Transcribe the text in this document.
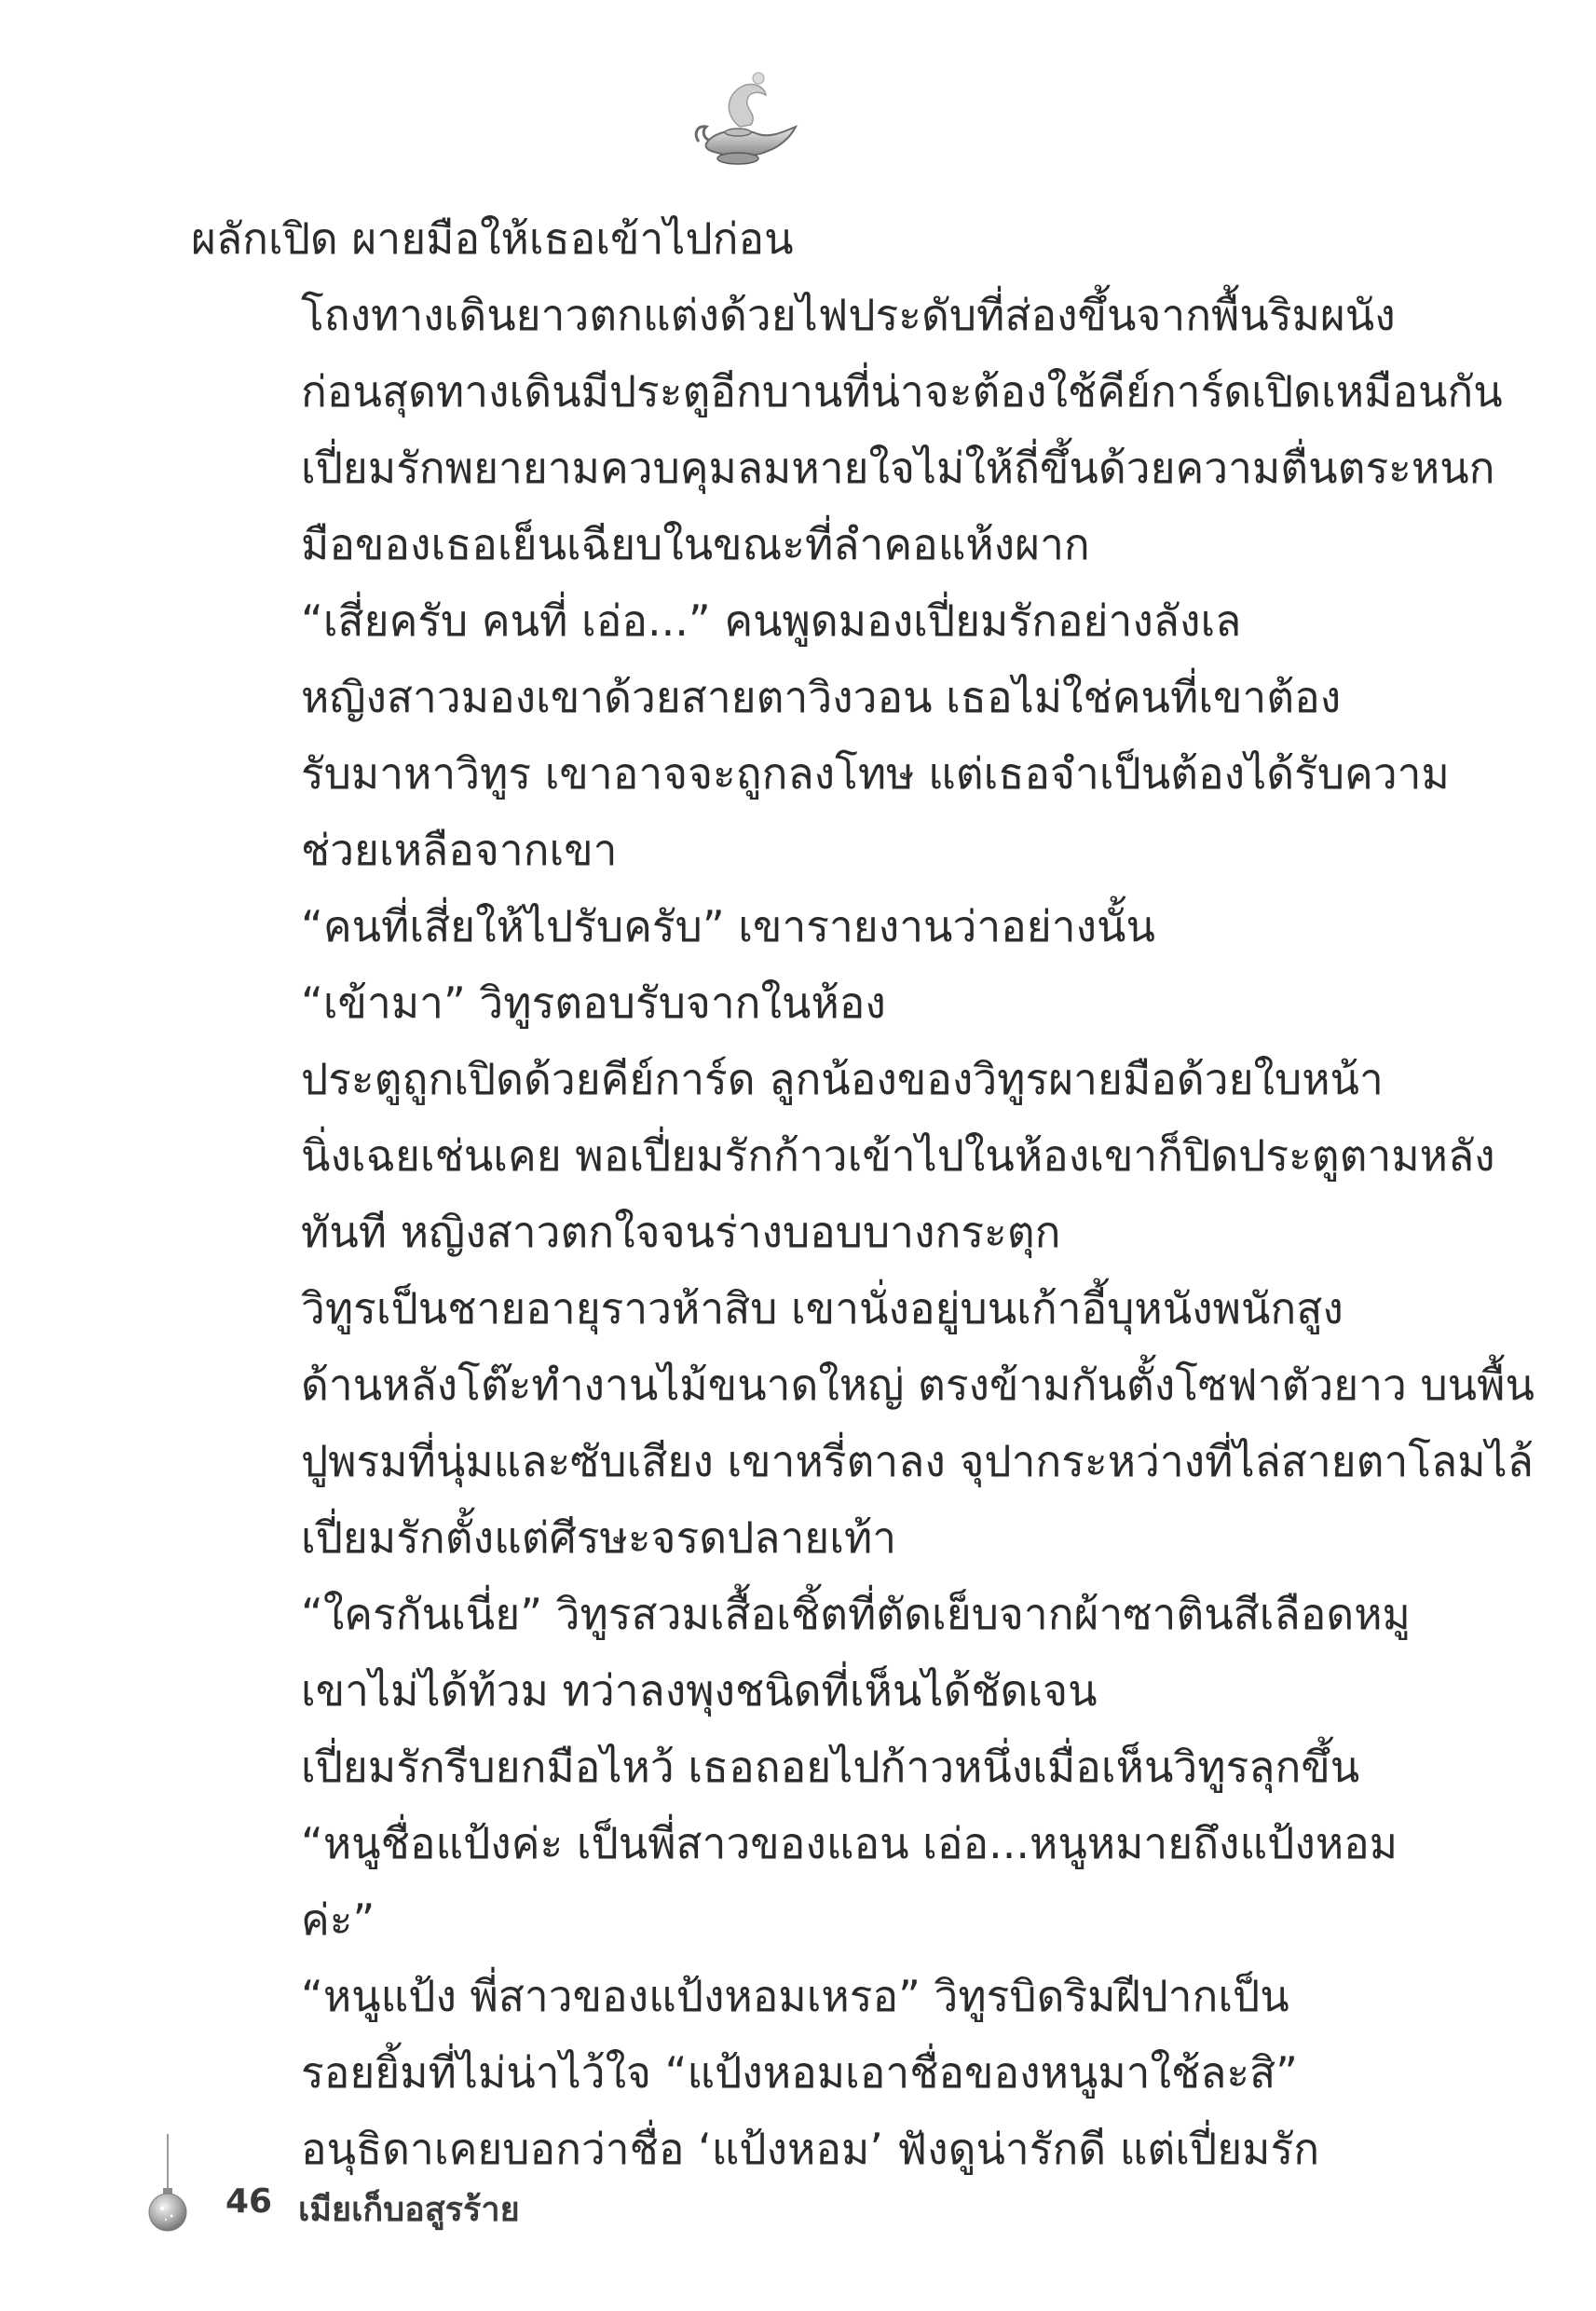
ผลักเปิด ผายมือให้เธอเข้าไปก่อน

โถงทางเดินยาวตกแต่งด้วยไฟประดับที่ส่องขึ้นจากพื้นริมผนัง
ก่อนสุดทางเดินมีประตูอีกบานที่น่าจะต้องใช้คีย์การ์ดเปิดเหมือนกัน
เปี่ยมรักพยายามควบคุมลมหายใจไม่ให้ถี่ขึ้นด้วยความตื่นตระหนก
มือของเธอเย็นเฉียบในขณะที่ลำคอแห้งผาก

“เสี่ยครับ คนที่ เอ่อ...” คนพูดมองเปี่ยมรักอย่างลังเล

หญิงสาวมองเขาด้วยสายตาวิงวอน เธอไม่ใช่คนที่เขาต้อง
รับมาหาวิทูร เขาอาจจะถูกลงโทษ แต่เธอจำเป็นต้องได้รับความ
ช่วยเหลือจากเขา

“คนที่เสี่ยให้ไปรับครับ” เขารายงานว่าอย่างนั้น

“เข้ามา” วิทูรตอบรับจากในห้อง

ประตูถูกเปิดด้วยคีย์การ์ด ลูกน้องของวิทูรผายมือด้วยใบหน้า
นิ่งเฉยเช่นเคย พอเปี่ยมรักก้าวเข้าไปในห้องเขาก็ปิดประตูตามหลัง
ทันที หญิงสาวตกใจจนร่างบอบบางกระตุก

วิทูรเป็นชายอายุราวห้าสิบ เขานั่งอยู่บนเก้าอี้บุหนังพนักสูง
ด้านหลังโต๊ะทำงานไม้ขนาดใหญ่ ตรงข้ามกันตั้งโซฟาตัวยาว บนพื้น
ปูพรมที่นุ่มและซับเสียง เขาหรี่ตาลง จุปากระหว่างที่ไล่สายตาโลมไล้
เปี่ยมรักตั้งแต่ศีรษะจรดปลายเท้า

“ใครกันเนี่ย” วิทูรสวมเสื้อเชิ้ตที่ตัดเย็บจากผ้าซาตินสีเลือดหมู
เขาไม่ได้ท้วม ทว่าลงพุงชนิดที่เห็นได้ชัดเจน

เปี่ยมรักรีบยกมือไหว้ เธอถอยไปก้าวหนึ่งเมื่อเห็นวิทูรลุกขึ้น

“หนูชื่อแป้งค่ะ เป็นพี่สาวของแอน เอ่อ...หนูหมายถึงแป้งหอม
ค่ะ”

“หนูแป้ง พี่สาวของแป้งหอมเหรอ” วิทูรบิดริมฝีปากเป็น
รอยยิ้มที่ไม่น่าไว้ใจ “แป้งหอมเอาชื่อของหนูมาใช้ละสิ”

อนุธิดาเคยบอกว่าชื่อ ‘แป้งหอม’ ฟังดูน่ารักดี แต่เปี่ยมรัก

46 เมียเก็บอสูรร้าย
